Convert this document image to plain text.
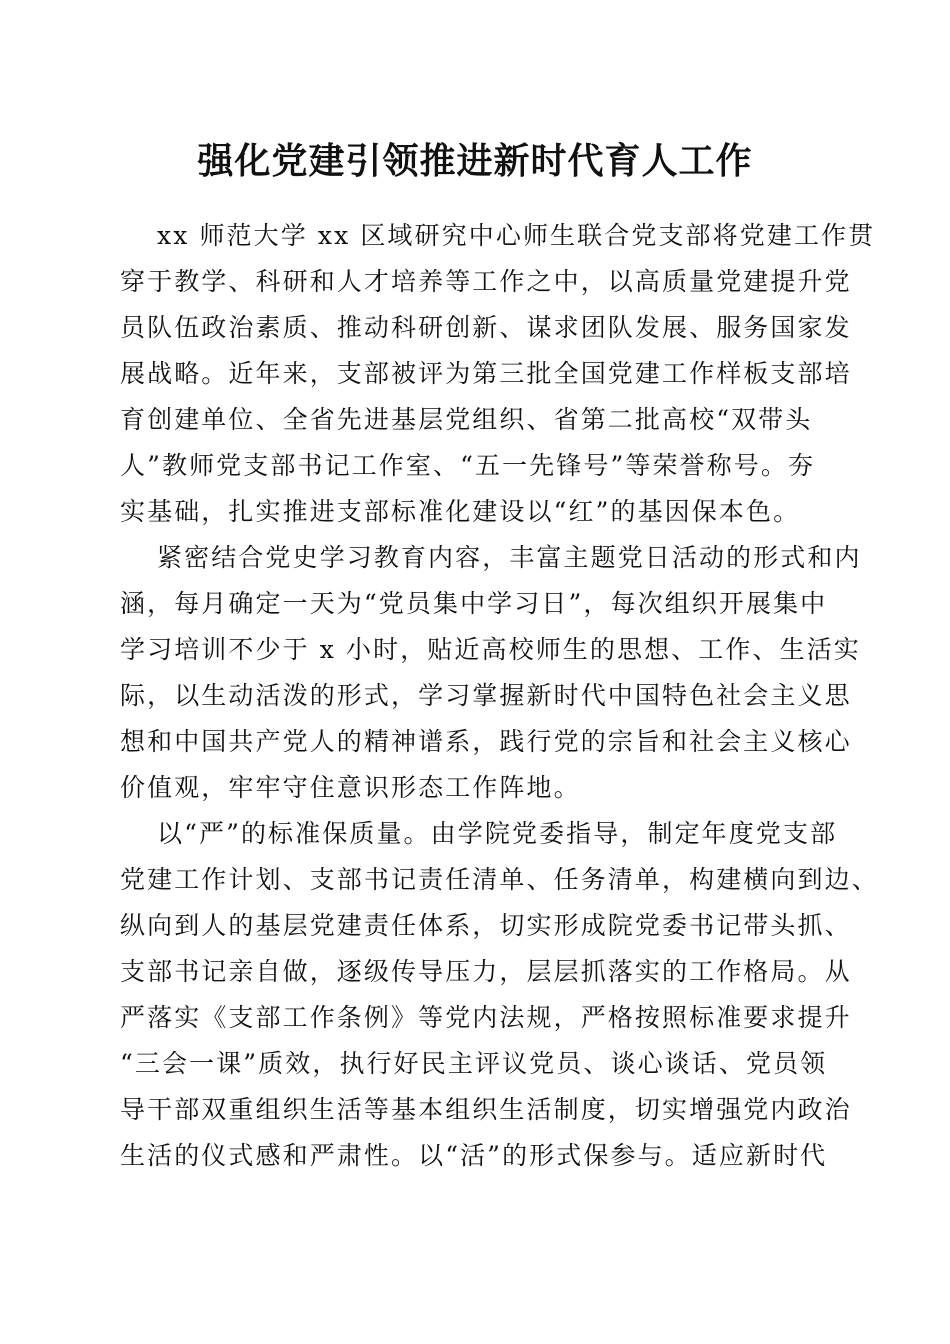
强化党建引领推进新时代育人工作
xx 师范大学 xx 区域研究中心师生联合党支部将党建工作贯
穿于教学、科研和人才培养等工作之中，以高质量党建提升党
员队伍政治素质、推动科研创新、谋求团队发展、服务国家发
展战略。近年来，支部被评为第三批全国党建工作样板支部培
育创建单位、全省先进基层党组织、省第二批高校“双带头
人”教师党支部书记工作室、“五一先锋号”等荣誉称号。夯
实基础，扎实推进支部标准化建设以“红”的基因保本色。
紧密结合党史学习教育内容，丰富主题党日活动的形式和内
涵，每月确定一天为“党员集中学习日”，每次组织开展集中
学习培训不少于 x 小时，贴近高校师生的思想、工作、生活实
际，以生动活泼的形式，学习掌握新时代中国特色社会主义思
想和中国共产党人的精神谱系，践行党的宗旨和社会主义核心
价值观，牢牢守住意识形态工作阵地。
以“严”的标准保质量。由学院党委指导，制定年度党支部
党建工作计划、支部书记责任清单、任务清单，构建横向到边、
纵向到人的基层党建责任体系，切实形成院党委书记带头抓、
支部书记亲自做，逐级传导压力，层层抓落实的工作格局。从
严落实《支部工作条例》等党内法规，严格按照标准要求提升
“三会一课”质效，执行好民主评议党员、谈心谈话、党员领
导干部双重组织生活等基本组织生活制度，切实增强党内政治
生活的仪式感和严肃性。以“活”的形式保参与。适应新时代
